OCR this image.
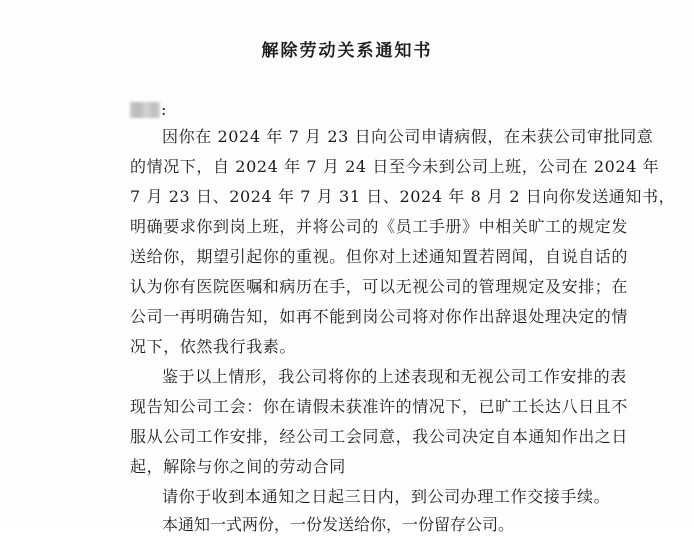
解除劳动关系通知书
:
因你在 2024 年 7 月 23 日向公司申请病假，在未获公司审批同意
的情况下，自 2024 年 7 月 24 日至今未到公司上班，公司在 2024 年
7 月 23 日、2024 年 7 月 31 日、2024 年 8 月 2 日向你发送通知书，
明确要求你到岗上班，并将公司的《员工手册》中相关旷工的规定发
送给你，期望引起你的重视。但你对上述通知置若罔闻，自说自话的
认为你有医院医嘱和病历在手，可以无视公司的管理规定及安排；在
公司一再明确告知，如再不能到岗公司将对你作出辞退处理决定的情
况下，依然我行我素。
鉴于以上情形，我公司将你的上述表现和无视公司工作安排的表
现告知公司工会：你在请假未获准许的情况下，已旷工长达八日且不
服从公司工作安排，经公司工会同意，我公司决定自本通知作出之日
起，解除与你之间的劳动合同
请你于收到本通知之日起三日内，到公司办理工作交接手续。
本通知一式两份，一份发送给你，一份留存公司。
